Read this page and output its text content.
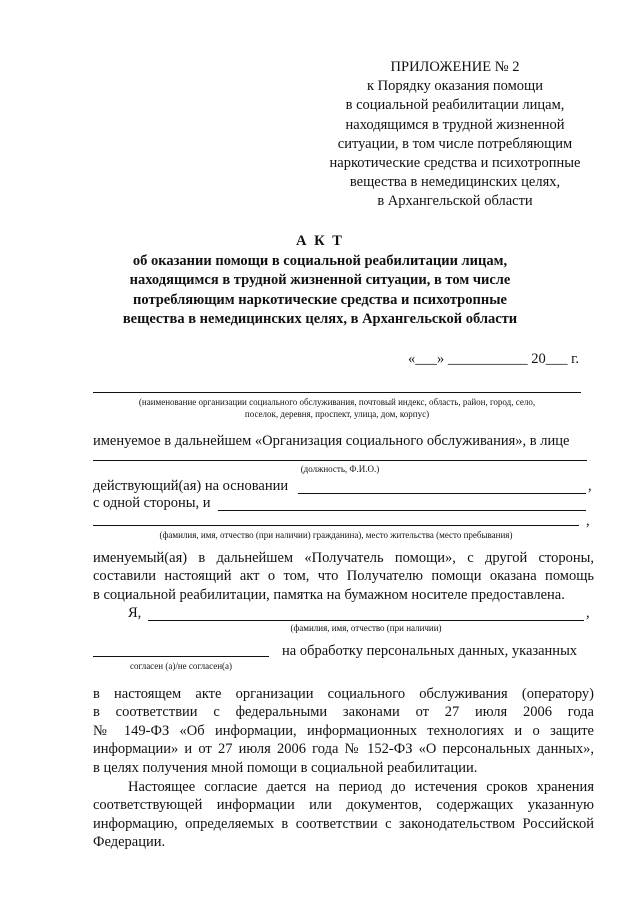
ПРИЛОЖЕНИЕ № 2
к Порядку оказания помощи
в социальной реабилитации лицам,
находящимся в трудной жизненной
ситуации, в том числе потребляющим
наркотические средства и психотропные
вещества в немедицинских целях,
в Архангельской области
А К Т
об оказании помощи в социальной реабилитации лицам,
находящимся в трудной жизненной ситуации, в том числе
потребляющим наркотические средства и психотропные
вещества в немедицинских целях, в Архангельской области
«___» ___________ 20___ г.
(наименование организации социального обслуживания, почтовый индекс, область, район, город, село,
поселок, деревня, проспект, улица, дом, корпус)
именуемое в дальнейшем «Организация социального обслуживания», в лице
(должность, Ф.И.О.)
действующий(ая) на основании	,
с одной стороны, и
,
(фамилия, имя, отчество (при наличии) гражданина), место жительства (место пребывания)
именуемый(ая) в дальнейшем «Получатель помощи», с другой стороны,
составили настоящий акт о том, что Получателю помощи оказана помощь
в социальной реабилитации, памятка на бумажном носителе предоставлена.
Я,	,
(фамилия, имя, отчество (при наличии)
на обработку персональных данных, указанных
согласен (а)/не согласен(а)
в настоящем акте организации социального обслуживания (оператору)
в соответствии с федеральными законами от 27 июля 2006 года
№ 149-ФЗ «Об информации, информационных технологиях и о защите
информации» и от 27 июля 2006 года № 152-ФЗ «О персональных данных»,
в целях получения мной помощи в социальной реабилитации.
Настоящее согласие дается на период до истечения сроков хранения
соответствующей информации или документов, содержащих указанную
информацию, определяемых в соответствии с законодательством Российской
Федерации.
